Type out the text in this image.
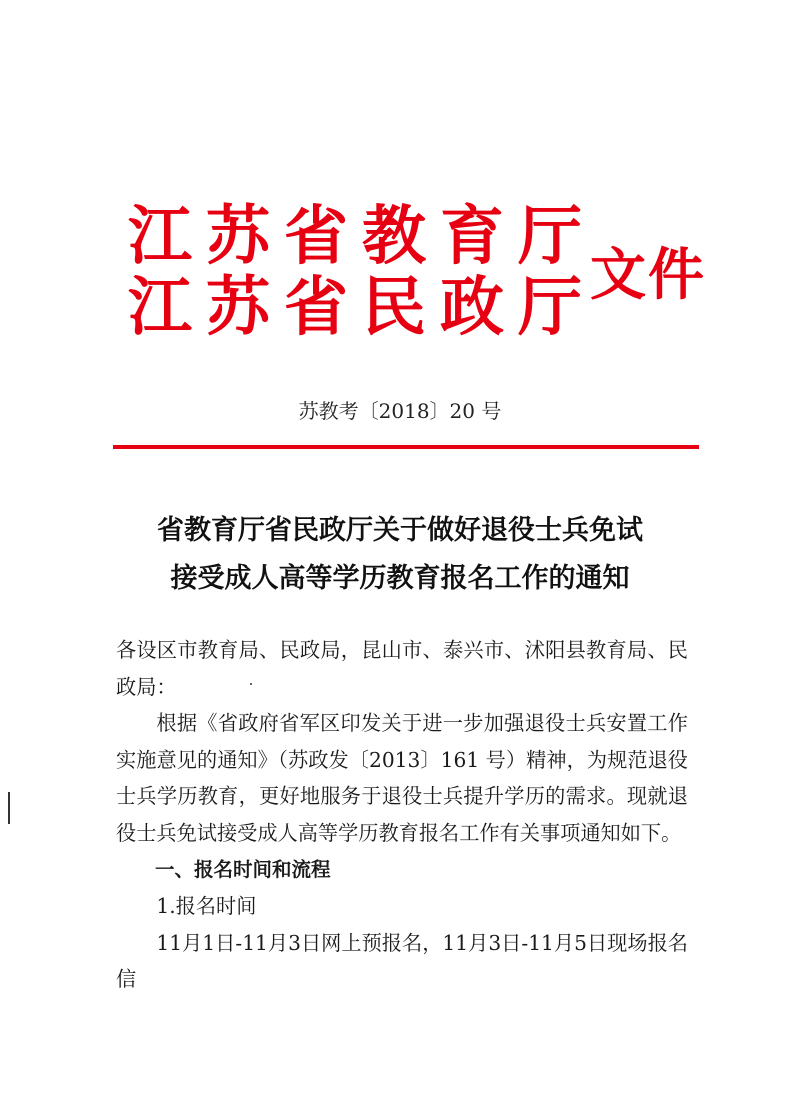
江 苏 省 教 育 厅
江 苏 省 民 政 厅 文件
苏教考〔2018〕20 号
省教育厅省民政厅关于做好退役士兵免试
接受成人高等学历教育报名工作的通知

各设区市教育局、民政局，昆山市、泰兴市、沭阳县教育局、民政局：

根据《省政府省军区印发关于进一步加强退役士兵安置工作实施意见的通知》（苏政发〔2013〕161 号）精神，为规范退役士兵学历教育，更好地服务于退役士兵提升学历的需求。现就退役士兵免试接受成人高等学历教育报名工作有关事项通知如下。

一、报名时间和流程

1.报名时间

11月1日-11月3日网上预报名，11月3日-11月5日现场报名信
